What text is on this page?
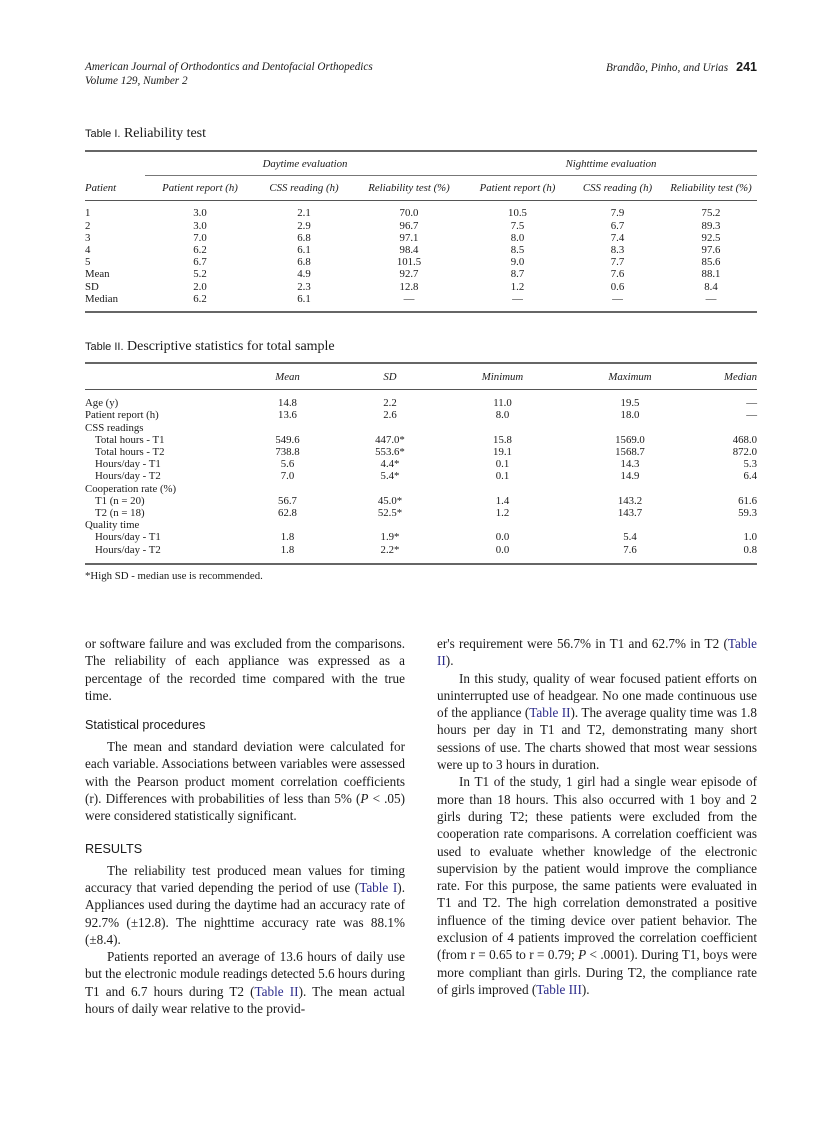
American Journal of Orthodontics and Dentofacial Orthopedics
Volume 129, Number 2
Brandão, Pinho, and Urias 241
Table I. Reliability test
	Daytime evaluation			Nighttime evaluation		
Patient	Patient report (h)	CSS reading (h)	Reliability test (%)	Patient report (h)	CSS reading (h)	Reliability test (%)
1	3.0	2.1	70.0	10.5	7.9	75.2
2	3.0	2.9	96.7	7.5	6.7	89.3
3	7.0	6.8	97.1	8.0	7.4	92.5
4	6.2	6.1	98.4	8.5	8.3	97.6
5	6.7	6.8	101.5	9.0	7.7	85.6
Mean	5.2	4.9	92.7	8.7	7.6	88.1
SD	2.0	2.3	12.8	1.2	0.6	8.4
Median	6.2	6.1	—	—	—	—
Table II. Descriptive statistics for total sample
	Mean	SD	Minimum	Maximum	Median
Age (y)	14.8	2.2	11.0	19.5	—
Patient report (h)	13.6	2.6	8.0	18.0	—
CSS readings					
Total hours - T1	549.6	447.0*	15.8	1569.0	468.0
Total hours - T2	738.8	553.6*	19.1	1568.7	872.0
Hours/day - T1	5.6	4.4*	0.1	14.3	5.3
Hours/day - T2	7.0	5.4*	0.1	14.9	6.4
Cooperation rate (%)					
T1 (n = 20)	56.7	45.0*	1.4	143.2	61.6
T2 (n = 18)	62.8	52.5*	1.2	143.7	59.3
Quality time					
Hours/day - T1	1.8	1.9*	0.0	5.4	1.0
Hours/day - T2	1.8	2.2*	0.0	7.6	0.8
*High SD - median use is recommended.

or software failure and was excluded from the comparisons. The reliability of each appliance was expressed as a percentage of the recorded time compared with the true time.

Statistical procedures

The mean and standard deviation were calculated for each variable. Associations between variables were assessed with the Pearson product moment correlation coefficients (r). Differences with probabilities of less than 5% (P < .05) were considered statistically significant.

RESULTS

The reliability test produced mean values for timing accuracy that varied depending the period of use (Table I). Appliances used during the daytime had an accuracy rate of 92.7% (±12.8). The nighttime accuracy rate was 88.1% (±8.4).

Patients reported an average of 13.6 hours of daily use but the electronic module readings detected 5.6 hours during T1 and 6.7 hours during T2 (Table II). The mean actual hours of daily wear relative to the provid-

er's requirement were 56.7% in T1 and 62.7% in T2 (Table II).

In this study, quality of wear focused patient efforts on uninterrupted use of headgear. No one made continuous use of the appliance (Table II). The average quality time was 1.8 hours per day in T1 and T2, demonstrating many short sessions of use. The charts showed that most wear sessions were up to 3 hours in duration.

In T1 of the study, 1 girl had a single wear episode of more than 18 hours. This also occurred with 1 boy and 2 girls during T2; these patients were excluded from the cooperation rate comparisons. A correlation coefficient was used to evaluate whether knowledge of the electronic supervision by the patient would improve the compliance rate. For this purpose, the same patients were evaluated in T1 and T2. The high correlation demonstrated a positive influence of the timing device over patient behavior. The exclusion of 4 patients improved the correlation coefficient (from r = 0.65 to r = 0.79; P < .0001). During T1, boys were more compliant than girls. During T2, the compliance rate of girls improved (Table III).
